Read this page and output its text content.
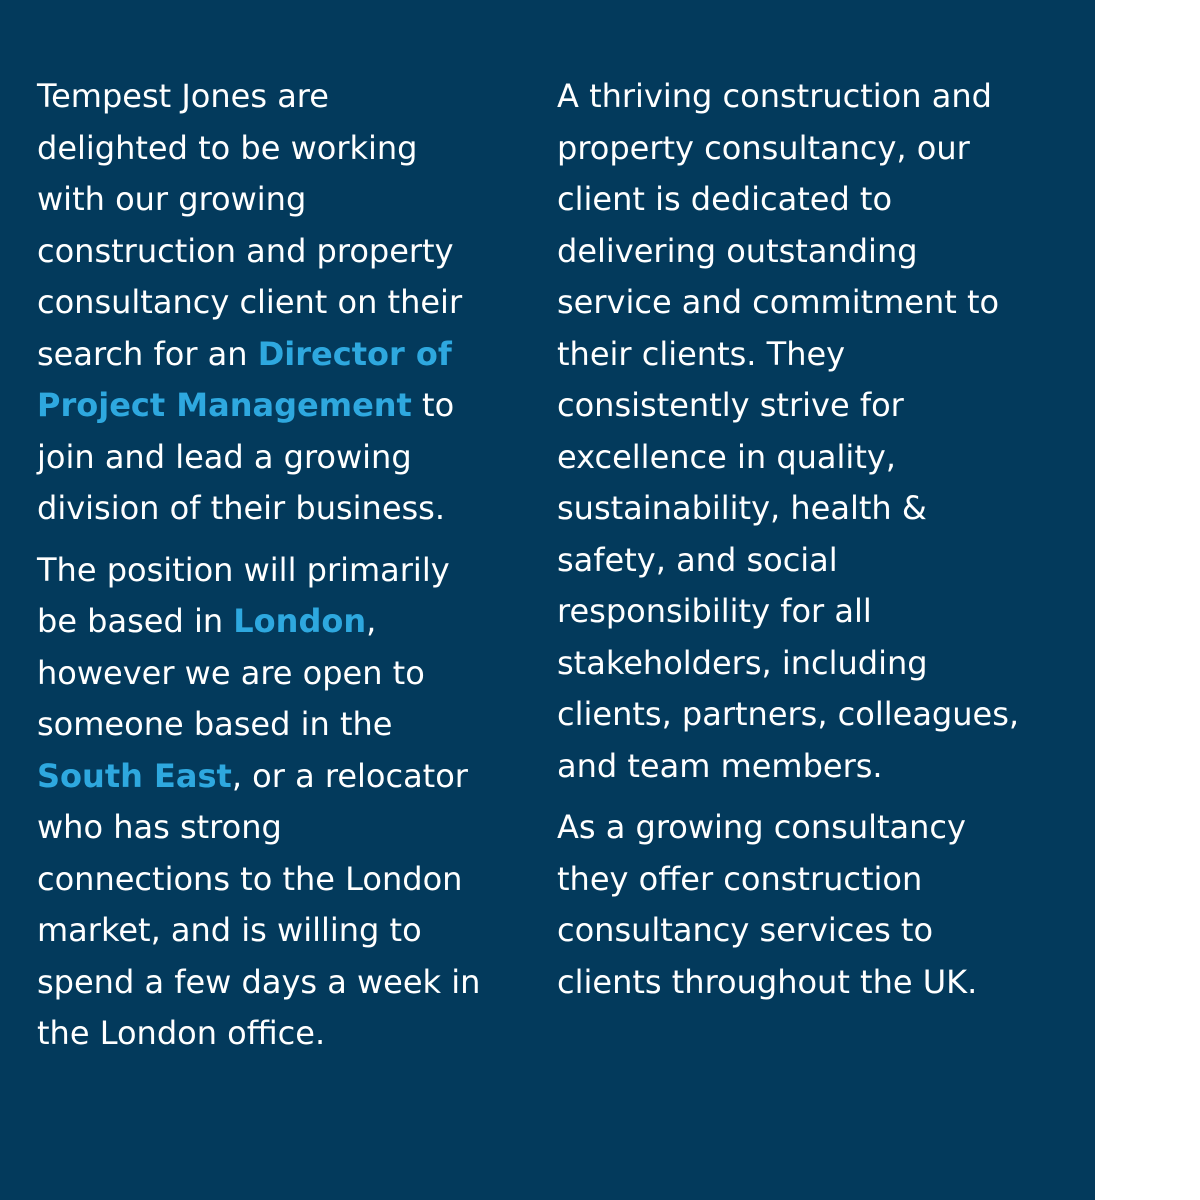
Tempest Jones are
delighted to be working
with our growing
construction and property
consultancy client on their
search for an Director of
Project Management to
join and lead a growing
division of their business.

The position will primarily
be based in London,
however we are open to
someone based in the
South East, or a relocator
who has strong
connections to the London
market, and is willing to
spend a few days a week in
the London office.

A thriving construction and
property consultancy, our
client is dedicated to
delivering outstanding
service and commitment to
their clients. They
consistently strive for
excellence in quality,
sustainability, health &
safety, and social
responsibility for all
stakeholders, including
clients, partners, colleagues,
and team members.

As a growing consultancy
they offer construction
consultancy services to
clients throughout the UK.
